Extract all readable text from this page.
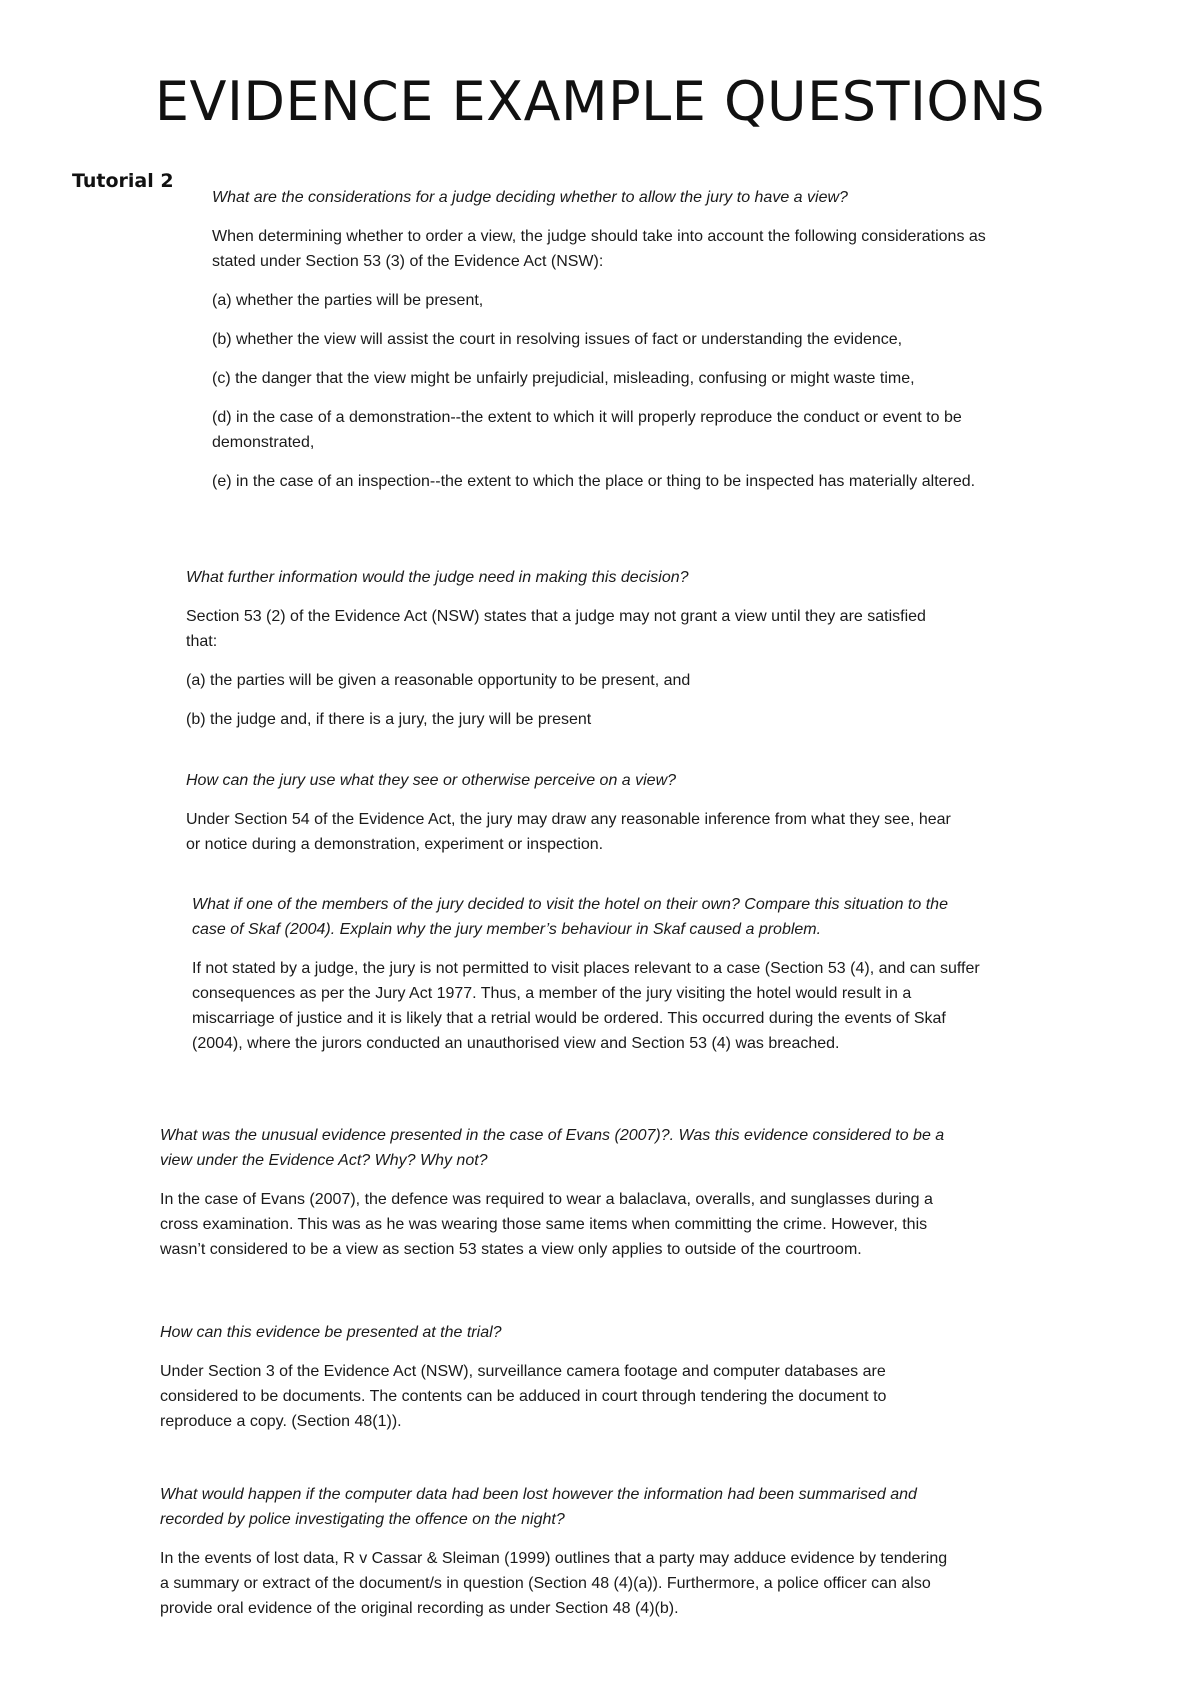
EVIDENCE EXAMPLE QUESTIONS

Tutorial 2

What are the considerations for a judge deciding whether to allow the jury to have a view?

When determining whether to order a view, the judge should take into account the following considerations as stated under Section 53 (3) of the Evidence Act (NSW):

(a) whether the parties will be present,

(b) whether the view will assist the court in resolving issues of fact or understanding the evidence,

(c) the danger that the view might be unfairly prejudicial, misleading, confusing or might waste time,

(d) in the case of a demonstration--the extent to which it will properly reproduce the conduct or event to be demonstrated,

(e) in the case of an inspection--the extent to which the place or thing to be inspected has materially altered.

What further information would the judge need in making this decision?

Section 53 (2) of the Evidence Act (NSW) states that a judge may not grant a view until they are satisfied that:

(a) the parties will be given a reasonable opportunity to be present, and

(b) the judge and, if there is a jury, the jury will be present

How can the jury use what they see or otherwise perceive on a view?

Under Section 54 of the Evidence Act, the jury may draw any reasonable inference from what they see, hear or notice during a demonstration, experiment or inspection.

What if one of the members of the jury decided to visit the hotel on their own? Compare this situation to the case of Skaf (2004). Explain why the jury member’s behaviour in Skaf caused a problem.

If not stated by a judge, the jury is not permitted to visit places relevant to a case (Section 53 (4), and can suffer consequences as per the Jury Act 1977. Thus, a member of the jury visiting the hotel would result in a miscarriage of justice and it is likely that a retrial would be ordered. This occurred during the events of Skaf (2004), where the jurors conducted an unauthorised view and Section 53 (4) was breached.

What was the unusual evidence presented in the case of Evans (2007)?. Was this evidence considered to be a view under the Evidence Act? Why? Why not?

In the case of Evans (2007), the defence was required to wear a balaclava, overalls, and sunglasses during a cross examination. This was as he was wearing those same items when committing the crime. However, this wasn’t considered to be a view as section 53 states a view only applies to outside of the courtroom.

How can this evidence be presented at the trial?

Under Section 3 of the Evidence Act (NSW), surveillance camera footage and computer databases are considered to be documents. The contents can be adduced in court through tendering the document to reproduce a copy. (Section 48(1)).

What would happen if the computer data had been lost however the information had been summarised and recorded by police investigating the offence on the night?

In the events of lost data, R v Cassar & Sleiman (1999) outlines that a party may adduce evidence by tendering a summary or extract of the document/s in question (Section 48 (4)(a)). Furthermore, a police officer can also provide oral evidence of the original recording as under Section 48 (4)(b).
